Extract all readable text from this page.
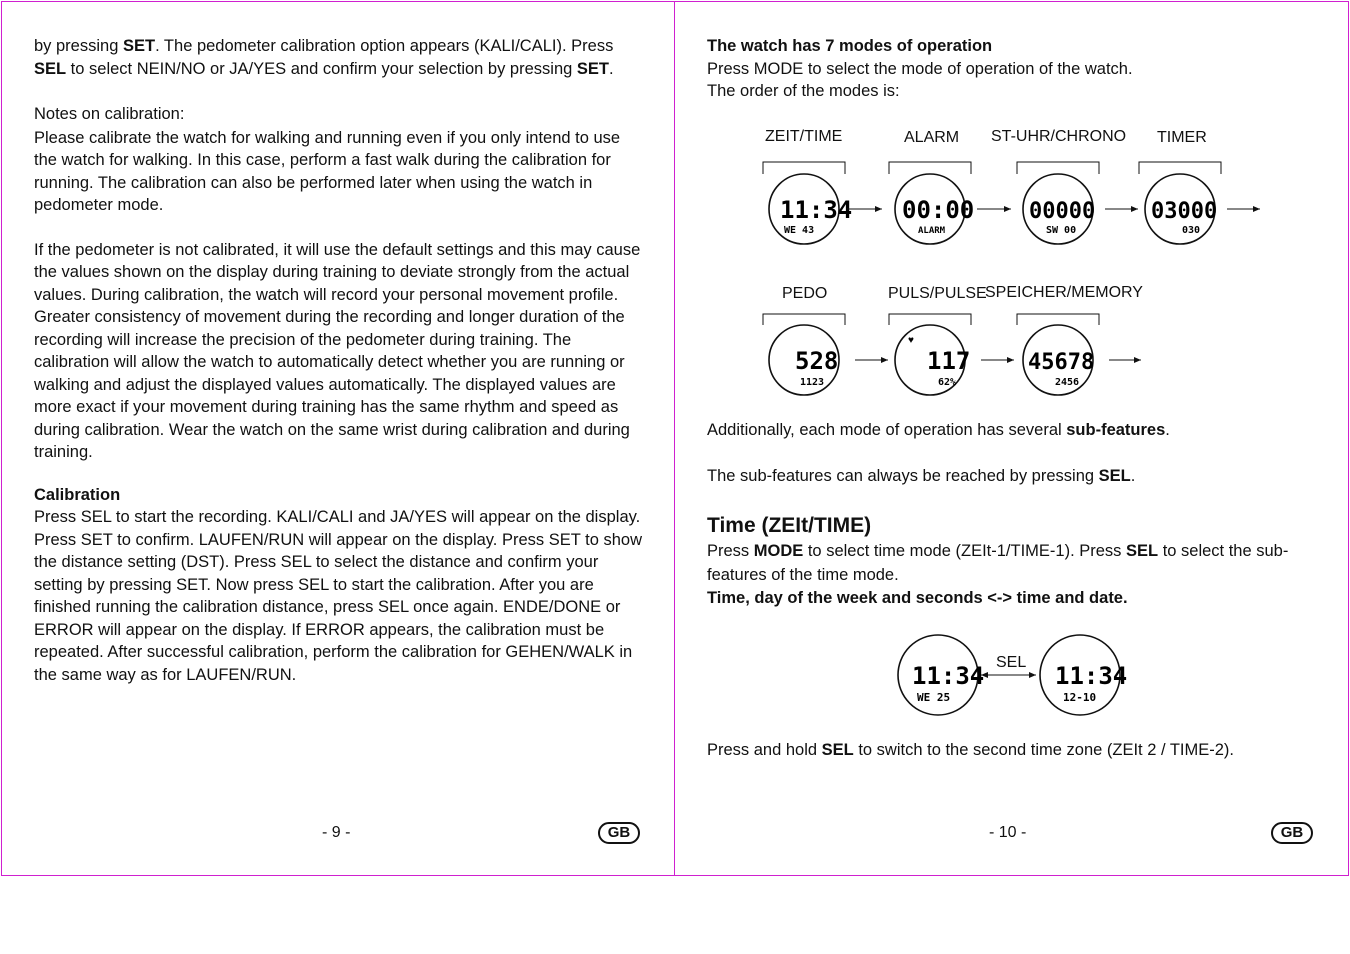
by pressing SET. The pedometer calibration option appears (KALI/CALI). Press
SEL to select NEIN/NO or JA/YES and confirm your selection by pressing SET.

Notes on calibration:

Please calibrate the watch for walking and running even if you only intend to use the watch for walking. In this case, perform a fast walk during the calibration for running. The calibration can also be performed later when using the watch in pedometer mode.

If the pedometer is not calibrated, it will use the default settings and this may cause the values shown on the display during training to deviate strongly from the actual values. During calibration, the watch will record your personal movement profile. Greater consistency of movement during the recording and longer duration of the recording will increase the precision of the pedometer during training. The calibration will allow the watch to automatically detect whether you are running or walking and adjust the displayed values automatically. The displayed values are more exact if your movement during training has the same rhythm and speed as during calibration. Wear the watch on the same wrist during calibration and during training.

Calibration

Press SEL to start the recording. KALI/CALI and JA/YES will appear on the display. Press SET to confirm. LAUFEN/RUN will appear on the display. Press SET to show the distance setting (DST). Press SEL to select the distance and confirm your setting by pressing SET. Now press SEL to start the calibration. After you are finished running the calibration distance, press SEL once again. ENDE/DONE or ERROR will appear on the display. If ERROR appears, the calibration must be repeated. After successful calibration, perform the calibration for GEHEN/WALK in the same way as for LAUFEN/RUN.

- 9 -	GB

The watch has 7 modes of operation

Press MODE to select the mode of operation of the watch.

The order of the modes is:

ZEIT/TIME
11:34
WE 43
ALARM
00:00
ALARM
ST-UHR/CHRONO
00000
SW 00
TIMER
03000
030
PEDO
528
1123
PULS/PULSE
♥
117
62%
SPEICHER/MEMORY
45678
2456

Additionally, each mode of operation has several sub-features.

The sub-features can always be reached by pressing SEL.

Time (ZEIt/TIME)

Press MODE to select time mode (ZEIt-1/TIME-1). Press SEL to select the sub-features of the time mode.

Time, day of the week and seconds <-> time and date.

11:34
WE 25
SEL 11:34
12-10

Press and hold SEL to switch to the second time zone (ZEIt 2 / TIME-2).

- 10 -	GB
